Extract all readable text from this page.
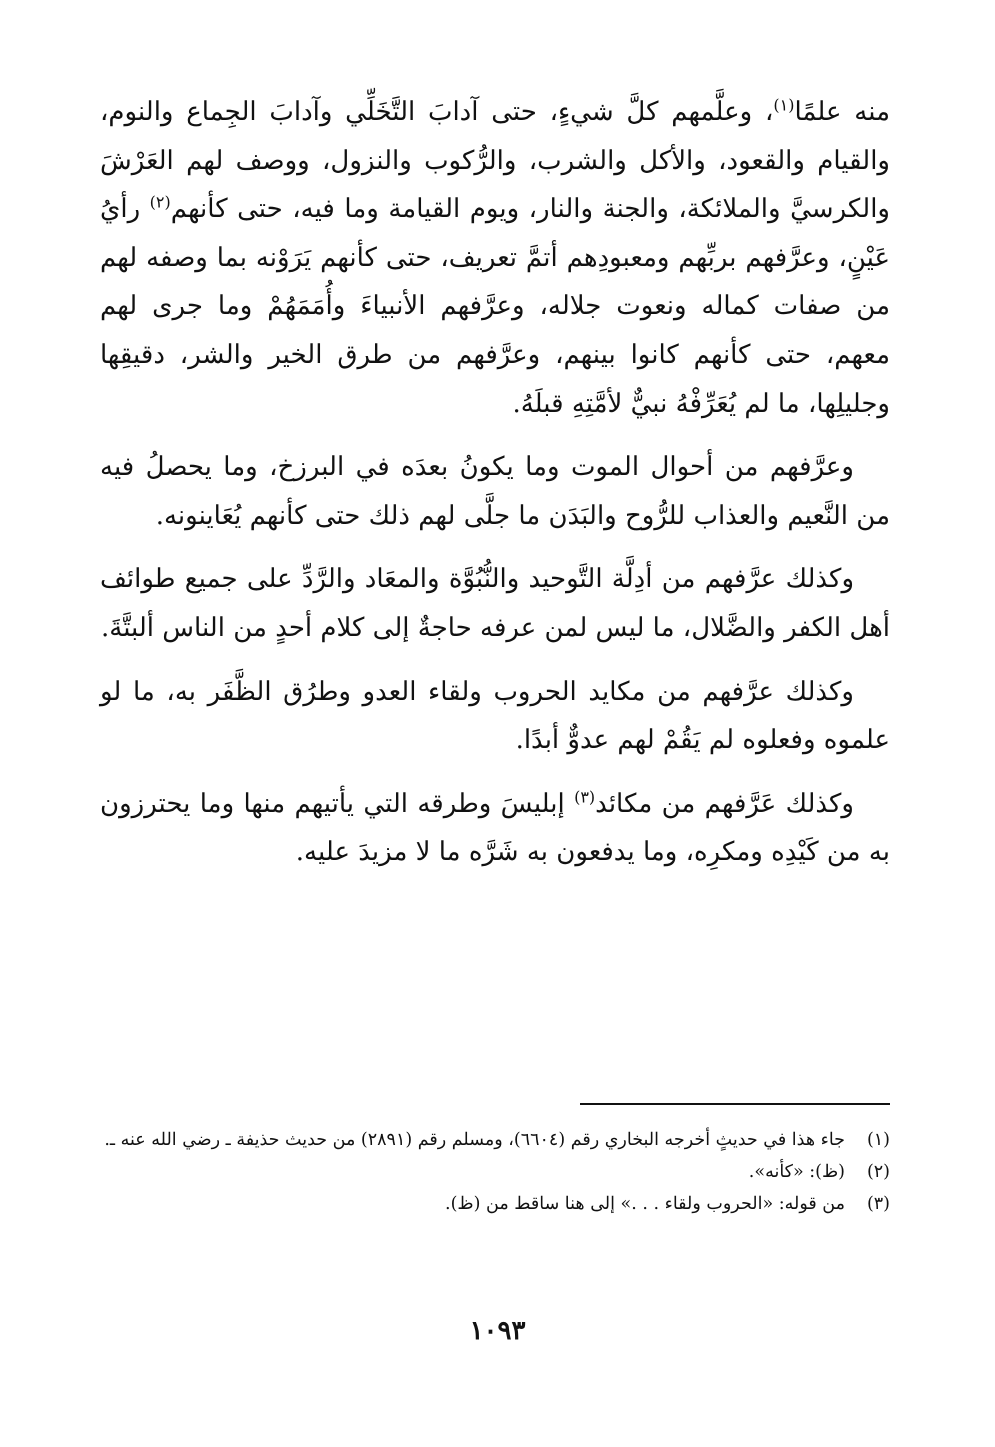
منه علمًا$^{(١)}$، وعلَّمهم كلَّ شيءٍ، حتى آدابَ التَّخَلِّي وآدابَ الجِماع والنوم، والقيام والقعود، والأكل والشرب، والرُّكوب والنزول، ووصف لهم العَرْشَ والكرسيَّ والملائكة، والجنة والنار، ويوم القيامة وما فيه، حتى كأنهم$^{(٢)}$ رأيُ عَيْنٍ، وعرَّفهم بربِّهم ومعبودِهم أتمَّ تعريف، حتى كأنهم يَرَوْنه بما وصفه لهم من صفات كماله ونعوت جلاله، وعرَّفهم الأنبياءَ وأُمَمَهُمْ وما جرى لهم معهم، حتى كأنهم كانوا بينهم، وعرَّفهم من طرق الخير والشر، دقيقِها وجليلِها، ما لم يُعَرِّفْهُ نبيٌّ لأمَّتِهِ قبلَهُ.

وعرَّفهم من أحوال الموت وما يكونُ بعدَه في البرزخ، وما يحصلُ فيه من النَّعيم والعذاب للرُّوح والبَدَن ما جلَّى لهم ذلك حتى كأنهم يُعَاينونه.

وكذلك عرَّفهم من أدِلَّة التَّوحيد والنُّبُوَّة والمعَاد والرَّدِّ على جميع طوائف أهل الكفر والضَّلال، ما ليس لمن عرفه حاجةٌ إلى كلام أحدٍ من الناس ألبتَّةَ.

وكذلك عرَّفهم من مكايد الحروب ولقاء العدو وطرُق الظَّفَر به، ما لو علموه وفعلوه لم يَقُمْ لهم عدوٌّ أبدًا.

وكذلك عَرَّفهم من مكائد$^{(٣)}$ إبليسَ وطرقه التي يأتيهم منها وما يحترزون به من كَيْدِه ومكرِه، وما يدفعون به شَرَّه ما لا مزيدَ عليه.

(١)
جاء هذا في حديثٍ أخرجه البخاري رقم (٦٦٠٤)، ومسلم رقم (٢٨٩١) من حديث حذيفة ـ رضي الله عنه ـ.

(٢)
(ظ): «كأنه».

(٣)
من قوله: «الحروب ولقاء . . .» إلى هنا ساقط من (ظ).

١٠٩٣
